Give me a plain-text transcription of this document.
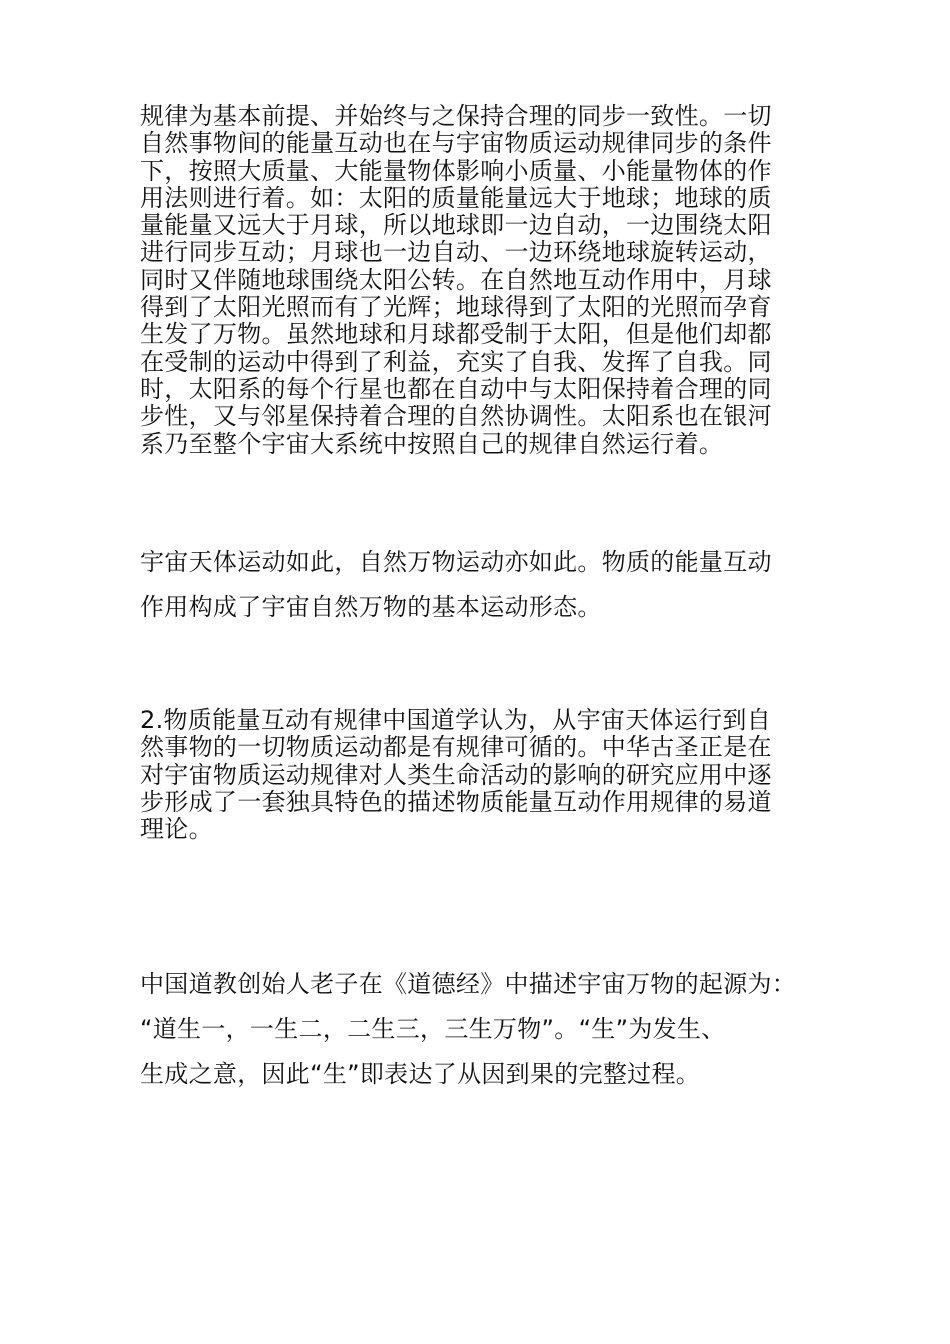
规律为基本前提、并始终与之保持合理的同步一致性。一切
自然事物间的能量互动也在与宇宙物质运动规律同步的条件
下，按照大质量、大能量物体影响小质量、小能量物体的作
用法则进行着。如：太阳的质量能量远大于地球；地球的质
量能量又远大于月球，所以地球即一边自动，一边围绕太阳
进行同步互动；月球也一边自动、一边环绕地球旋转运动，
同时又伴随地球围绕太阳公转。在自然地互动作用中，月球
得到了太阳光照而有了光辉；地球得到了太阳的光照而孕育
生发了万物。虽然地球和月球都受制于太阳，但是他们却都
在受制的运动中得到了利益，充实了自我、发挥了自我。同
时，太阳系的每个行星也都在自动中与太阳保持着合理的同
步性，又与邻星保持着合理的自然协调性。太阳系也在银河
系乃至整个宇宙大系统中按照自己的规律自然运行着。
宇宙天体运动如此，自然万物运动亦如此。物质的能量互动
作用构成了宇宙自然万物的基本运动形态。
2.物质能量互动有规律中国道学认为，从宇宙天体运行到自
然事物的一切物质运动都是有规律可循的。中华古圣正是在
对宇宙物质运动规律对人类生命活动的影响的研究应用中逐
步形成了一套独具特色的描述物质能量互动作用规律的易道
理论。
中国道教创始人老子在《道德经》中描述宇宙万物的起源为：
“道生一，一生二，二生三，三生万物”。“生”为发生、
生成之意，因此“生”即表达了从因到果的完整过程。
